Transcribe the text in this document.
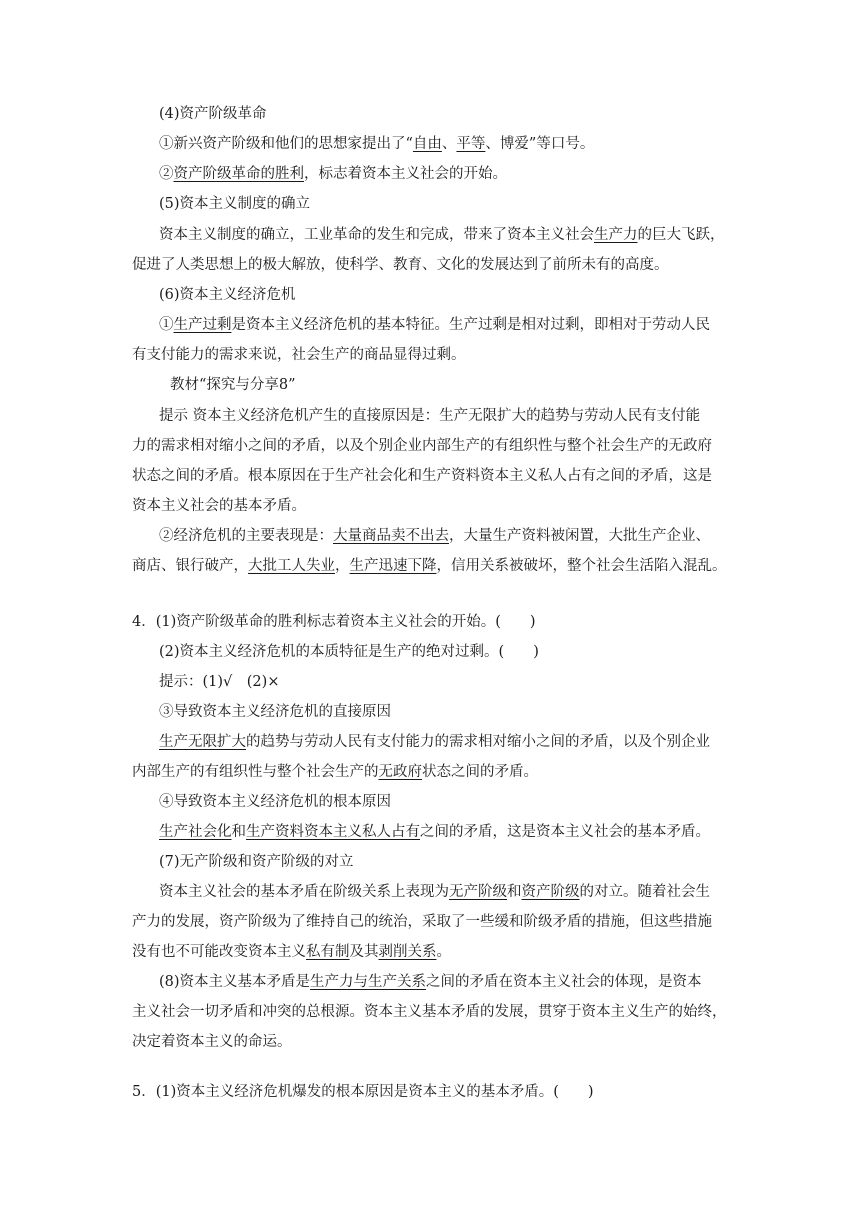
(4)资产阶级革命
①新兴资产阶级和他们的思想家提出了“自由、平等、博爱”等口号。
②资产阶级革命的胜利，标志着资本主义社会的开始。
(5)资本主义制度的确立
资本主义制度的确立，工业革命的发生和完成，带来了资本主义社会生产力的巨大飞跃，
促进了人类思想上的极大解放，使科学、教育、文化的发展达到了前所未有的高度。
(6)资本主义经济危机
①生产过剩是资本主义经济危机的基本特征。生产过剩是相对过剩，即相对于劳动人民
有支付能力的需求来说，社会生产的商品显得过剩。
教材“探究与分享8”
提示 资本主义经济危机产生的直接原因是：生产无限扩大的趋势与劳动人民有支付能
力的需求相对缩小之间的矛盾，以及个别企业内部生产的有组织性与整个社会生产的无政府
状态之间的矛盾。根本原因在于生产社会化和生产资料资本主义私人占有之间的矛盾，这是
资本主义社会的基本矛盾。
②经济危机的主要表现是：大量商品卖不出去，大量生产资料被闲置，大批生产企业、
商店、银行破产，大批工人失业，生产迅速下降，信用关系被破坏，整个社会生活陷入混乱。
4．(1)资产阶级革命的胜利标志着资本主义社会的开始。(　　)
(2)资本主义经济危机的本质特征是生产的绝对过剩。(　　)
提示：(1)√　(2)×
③导致资本主义经济危机的直接原因
生产无限扩大的趋势与劳动人民有支付能力的需求相对缩小之间的矛盾，以及个别企业
内部生产的有组织性与整个社会生产的无政府状态之间的矛盾。
④导致资本主义经济危机的根本原因
生产社会化和生产资料资本主义私人占有之间的矛盾，这是资本主义社会的基本矛盾。
(7)无产阶级和资产阶级的对立
资本主义社会的基本矛盾在阶级关系上表现为无产阶级和资产阶级的对立。随着社会生
产力的发展，资产阶级为了维持自己的统治，采取了一些缓和阶级矛盾的措施，但这些措施
没有也不可能改变资本主义私有制及其剥削关系。
(8)资本主义基本矛盾是生产力与生产关系之间的矛盾在资本主义社会的体现，是资本
主义社会一切矛盾和冲突的总根源。资本主义基本矛盾的发展，贯穿于资本主义生产的始终，
决定着资本主义的命运。
5．(1)资本主义经济危机爆发的根本原因是资本主义的基本矛盾。(　　)
